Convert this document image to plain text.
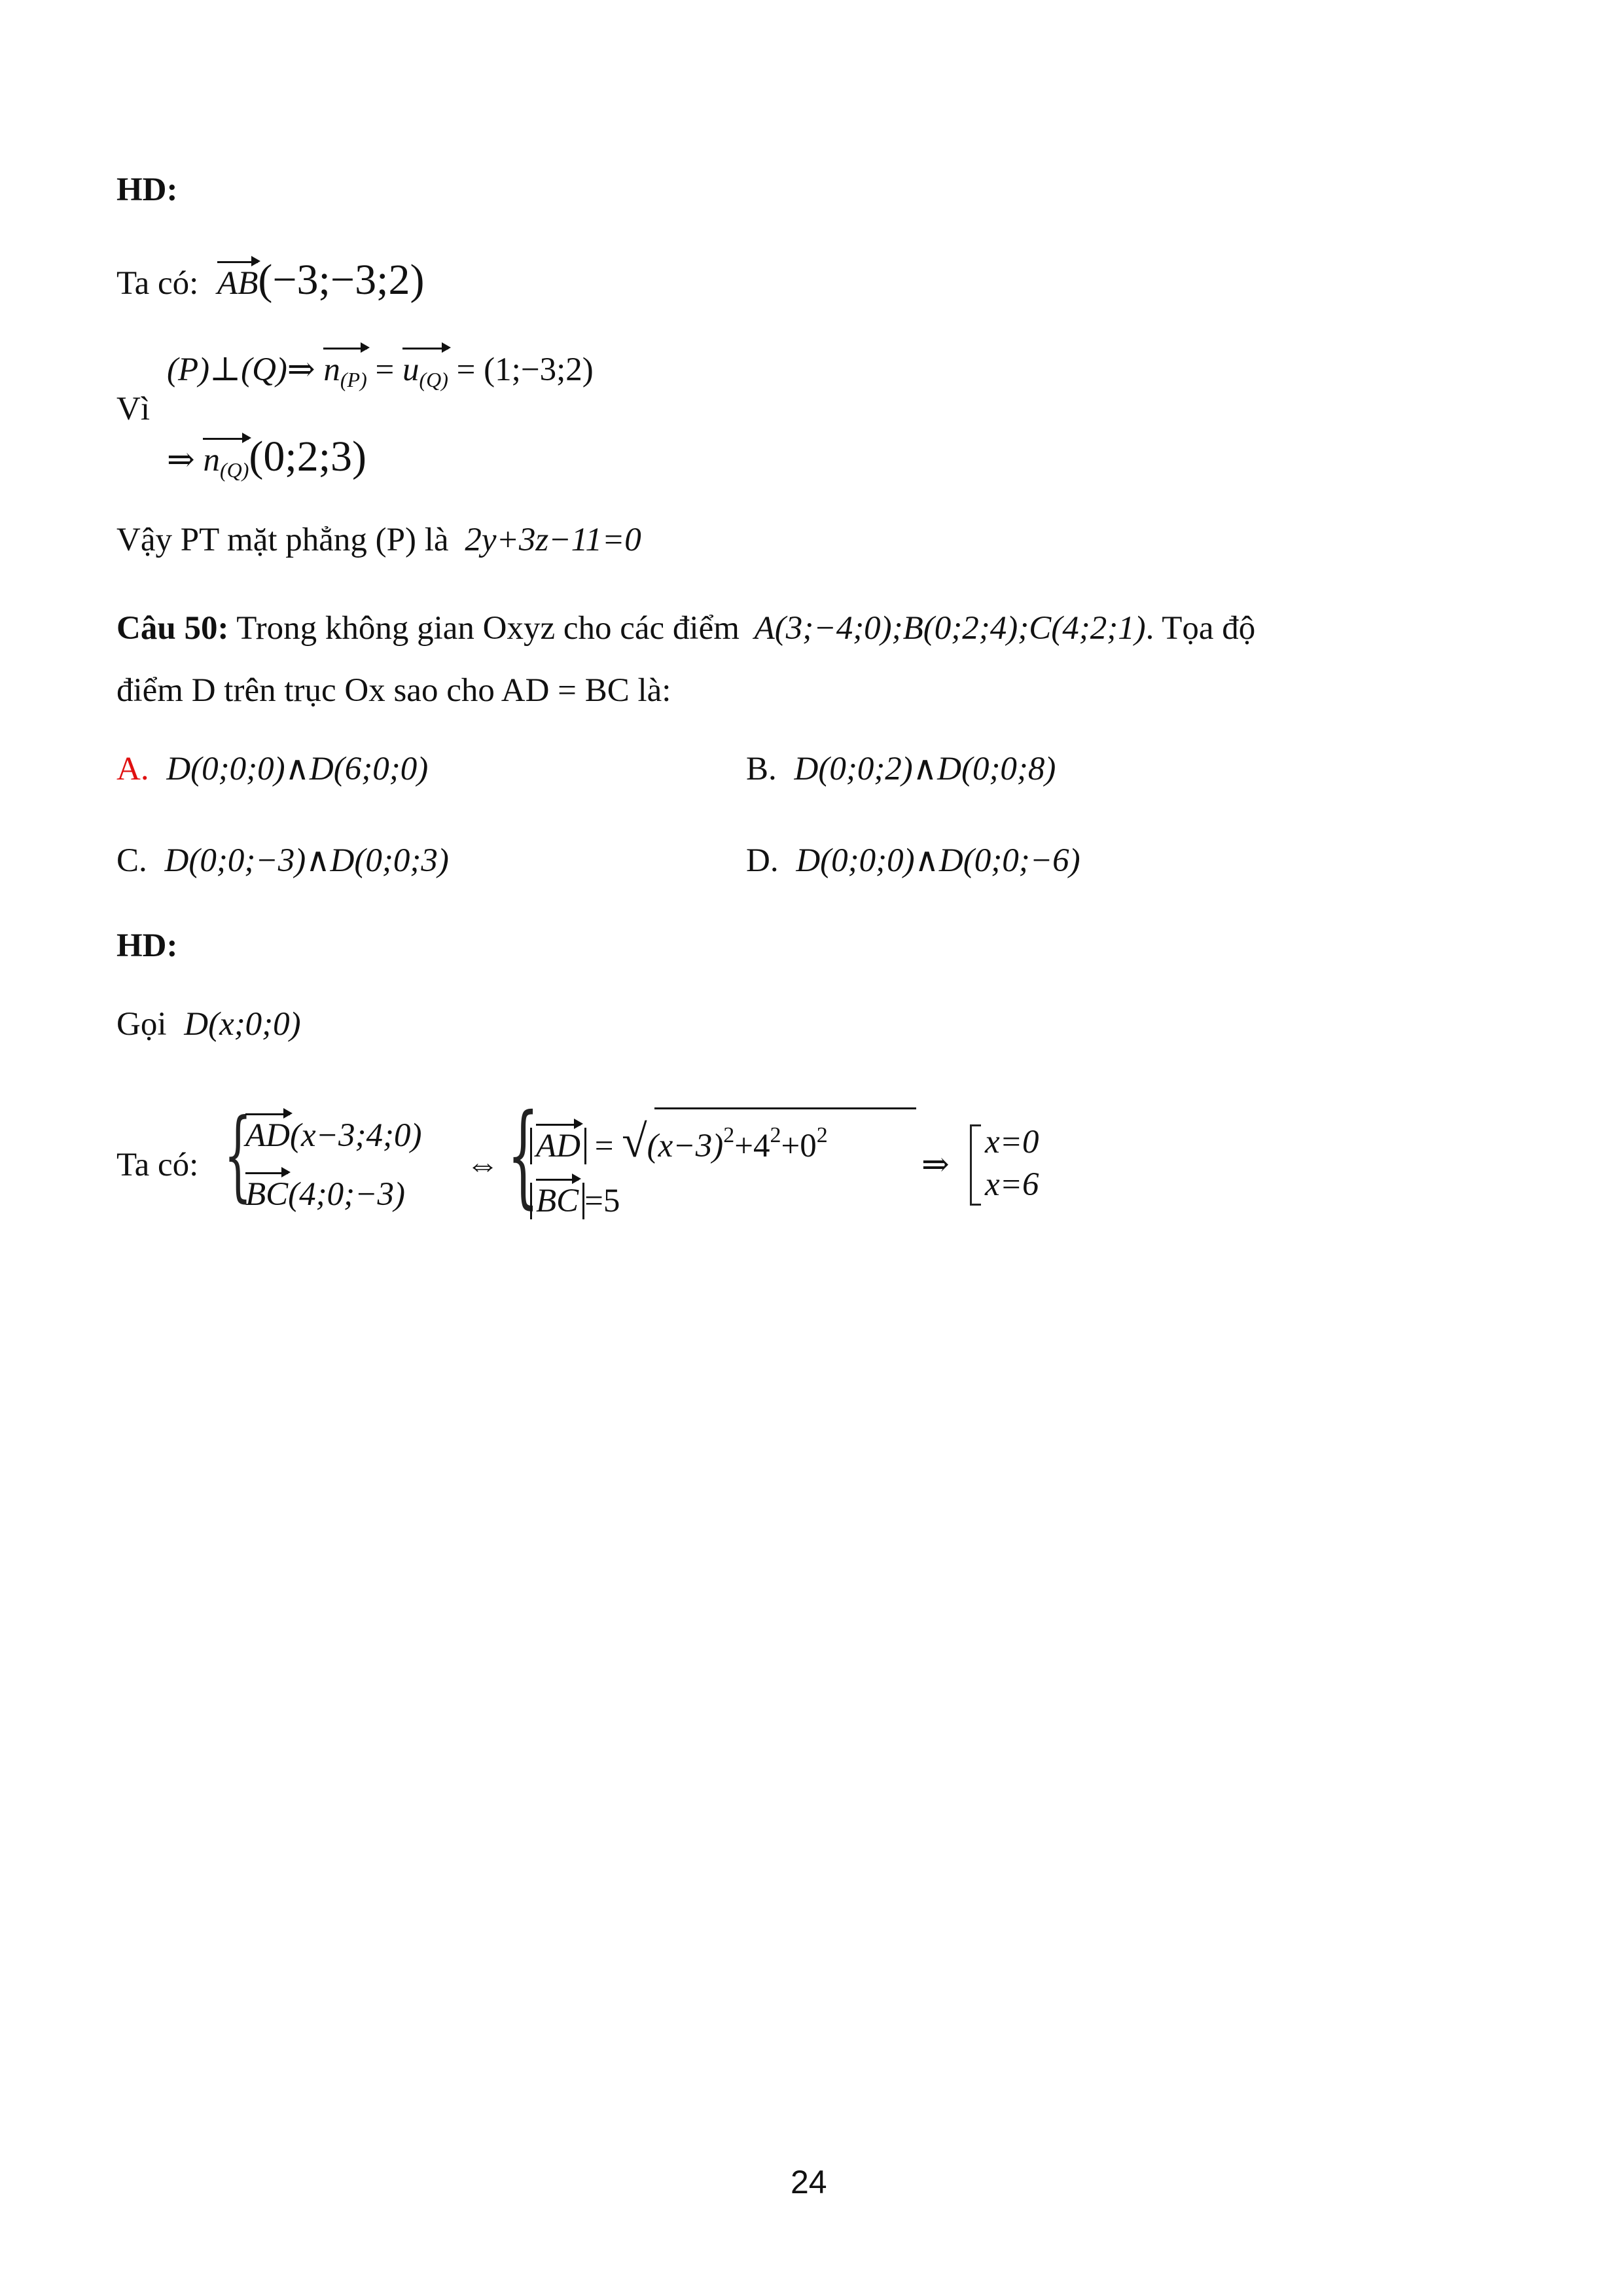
HD:
Ta có: AB(−3;−3;2)
Vì
(P)⊥(Q)⇒ $n_{(P)} = u_{(Q)}$ = (1;−3;2)
⇒ $n_{(Q)}(0;2;3)$
Vậy PT mặt phẳng (P) là 2y+3z−11=0
Câu 50: Trong không gian Oxyz cho các điểm A(3;−4;0);B(0;2;4);C(4;2;1). Tọa độ
điểm D trên trục Ox sao cho AD = BC là:
A. D(0;0;0)∧D(6;0;0)	B. D(0;0;2)∧D(0;0;8)
C. D(0;0;−3)∧D(0;0;3)	D. D(0;0;0)∧D(0;0;−6)
HD:
Gọi D(x;0;0)
Ta có: {
AD(x−3;4;0)
BC(4;0;−3)
⇔ {
AD = $√(x-3)^2+4^2+0^2$
BC =5
⇒
x=0
x=6
24
